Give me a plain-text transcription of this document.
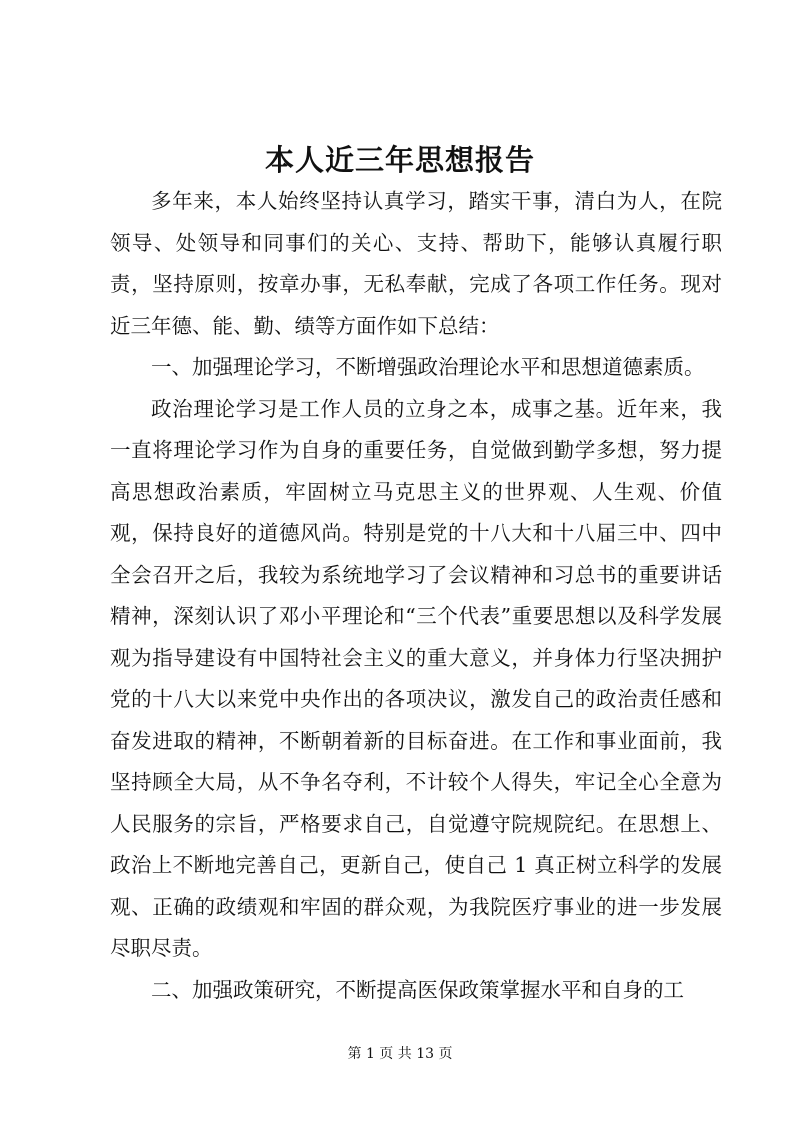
本人近三年思想报告

多年来，本人始终坚持认真学习，踏实干事，清白为人，在院领导、处领导和同事们的关心、支持、帮助下，能够认真履行职责，坚持原则，按章办事，无私奉献，完成了各项工作任务。现对近三年德、能、勤、绩等方面作如下总结：

一、加强理论学习，不断增强政治理论水平和思想道德素质。

政治理论学习是工作人员的立身之本，成事之基。近年来，我一直将理论学习作为自身的重要任务，自觉做到勤学多想，努力提高思想政治素质，牢固树立马克思主义的世界观、人生观、价值观，保持良好的道德风尚。特别是党的十八大和十八届三中、四中全会召开之后，我较为系统地学习了会议精神和习总书的重要讲话精神，深刻认识了邓小平理论和“三个代表”重要思想以及科学发展观为指导建设有中国特社会主义的重大意义，并身体力行坚决拥护党的十八大以来党中央作出的各项决议，激发自己的政治责任感和奋发进取的精神，不断朝着新的目标奋进。在工作和事业面前，我坚持顾全大局，从不争名夺利，不计较个人得失，牢记全心全意为人民服务的宗旨，严格要求自己，自觉遵守院规院纪。在思想上、政治上不断地完善自己，更新自己，使自己 1 真正树立科学的发展观、正确的政绩观和牢固的群众观，为我院医疗事业的进一步发展尽职尽责。

二、加强政策研究，不断提高医保政策掌握水平和自身的工

第 1 页 共 13 页
